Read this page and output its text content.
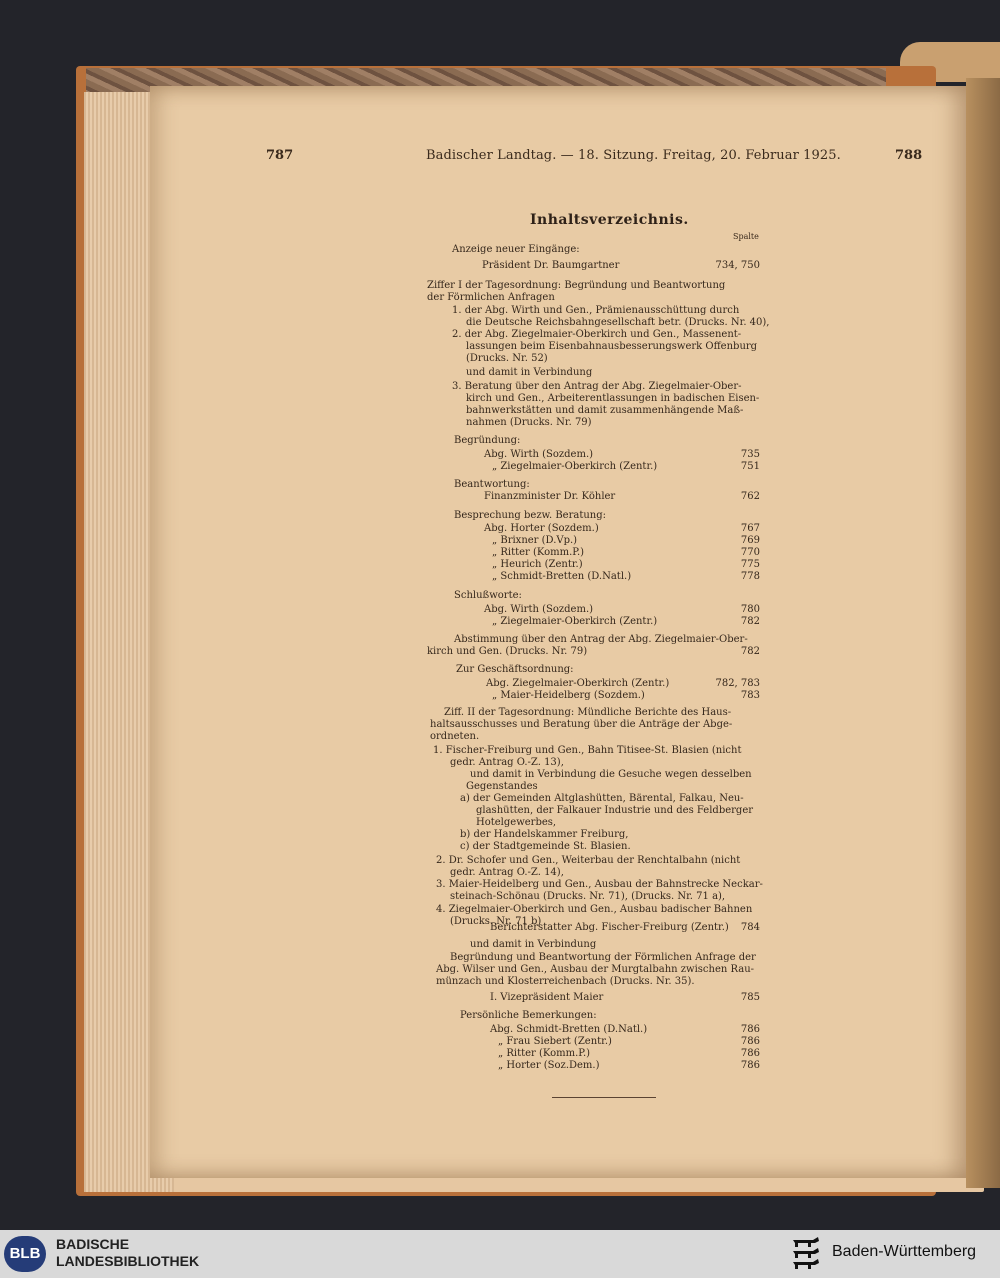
787	Badischer Landtag. — 18. Sitzung. Freitag, 20. Februar 1925.	788
Inhaltsverzeichnis.
Spalte
Anzeige neuer Eingänge:
Präsident Dr. Baumgartner	734, 750
Ziffer I der Tagesordnung: Begründung und Beantwortung
der Förmlichen Anfragen
1. der Abg. Wirth und Gen., Prämienausschüttung durch
die Deutsche Reichsbahngesellschaft betr. (Drucks. Nr. 40),
2. der Abg. Ziegelmaier-Oberkirch und Gen., Massenent-
lassungen beim Eisenbahnausbesserungswerk Offenburg
(Drucks. Nr. 52)
und damit in Verbindung
3. Beratung über den Antrag der Abg. Ziegelmaier-Ober-
kirch und Gen., Arbeiterentlassungen in badischen Eisen-
bahnwerkstätten und damit zusammenhängende Maß-
nahmen (Drucks. Nr. 79)
Begründung:
Abg. Wirth (Sozdem.)	735
„ Ziegelmaier-Oberkirch (Zentr.)	751
Beantwortung:
Finanzminister Dr. Köhler	762
Besprechung bezw. Beratung:
Abg. Horter (Sozdem.)	767
„ Brixner (D.Vp.)	769
„ Ritter (Komm.P.)	770
„ Heurich (Zentr.)	775
„ Schmidt-Bretten (D.Natl.)	778
Schlußworte:
Abg. Wirth (Sozdem.)	780
„ Ziegelmaier-Oberkirch (Zentr.)	782
Abstimmung über den Antrag der Abg. Ziegelmaier-Ober-
kirch und Gen. (Drucks. Nr. 79)	782
Zur Geschäftsordnung:
Abg. Ziegelmaier-Oberkirch (Zentr.)	782, 783
„ Maier-Heidelberg (Sozdem.)	783
Ziff. II der Tagesordnung: Mündliche Berichte des Haus-
haltsausschusses und Beratung über die Anträge der Abge-
ordneten.
1. Fischer-Freiburg und Gen., Bahn Titisee-St. Blasien (nicht
gedr. Antrag O.-Z. 13),
und damit in Verbindung die Gesuche wegen desselben
Gegenstandes
a) der Gemeinden Altglashütten, Bärental, Falkau, Neu-
glashütten, der Falkauer Industrie und des Feldberger
Hotelgewerbes,
b) der Handelskammer Freiburg,
c) der Stadtgemeinde St. Blasien.
2. Dr. Schofer und Gen., Weiterbau der Renchtalbahn (nicht
gedr. Antrag O.-Z. 14),
3. Maier-Heidelberg und Gen., Ausbau der Bahnstrecke Neckar-
steinach-Schönau (Drucks. Nr. 71), (Drucks. Nr. 71 a),
4. Ziegelmaier-Oberkirch und Gen., Ausbau badischer Bahnen
(Drucks. Nr. 71 b)
Berichterstatter Abg. Fischer-Freiburg (Zentr.)	784
und damit in Verbindung
Begründung und Beantwortung der Förmlichen Anfrage der
Abg. Wilser und Gen., Ausbau der Murgtalbahn zwischen Rau-
münzach und Klosterreichenbach (Drucks. Nr. 35).
I. Vizepräsident Maier	785
Persönliche Bemerkungen:
Abg. Schmidt-Bretten (D.Natl.)	786
„ Frau Siebert (Zentr.)	786
„ Ritter (Komm.P.)	786
„ Horter (Soz.Dem.)	786
BLB
BADISCHE
LANDESBIBLIOTHEK
Baden-Württemberg
